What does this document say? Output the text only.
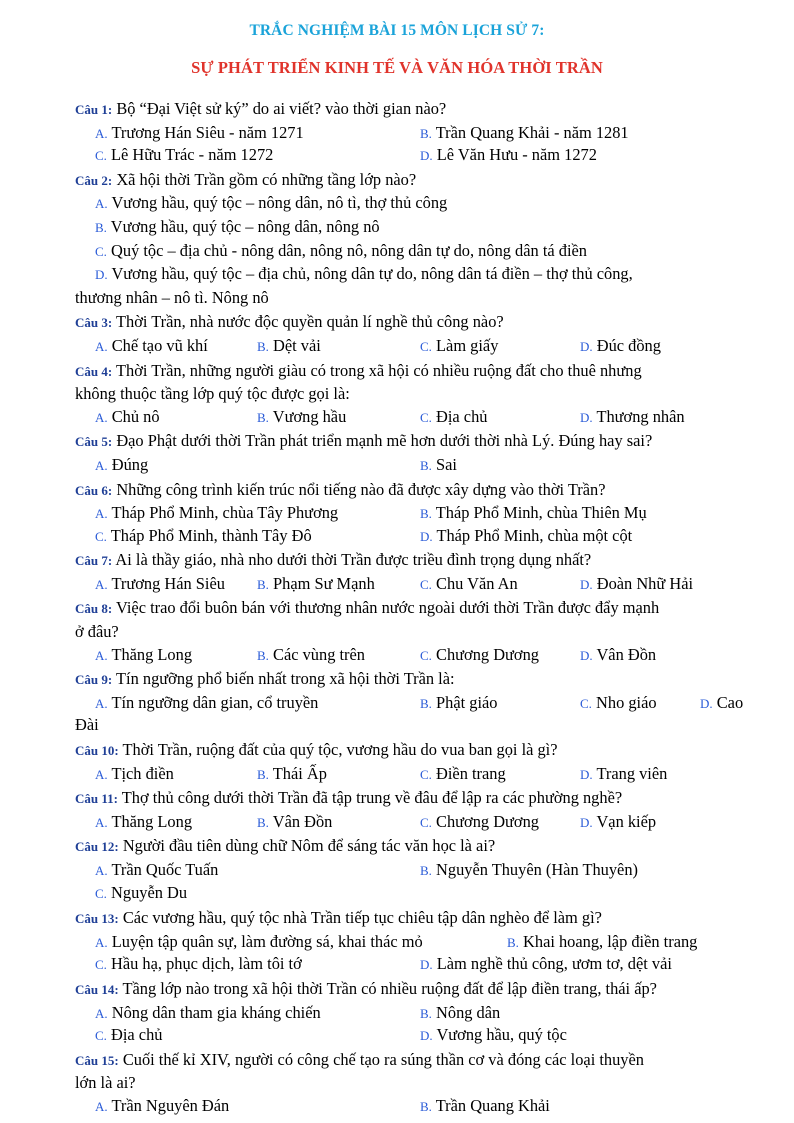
TRẮC NGHIỆM BÀI 15 MÔN LỊCH SỬ 7:
SỰ PHÁT TRIỂN KINH TẾ VÀ VĂN HÓA THỜI TRẦN
Câu 1: Bộ “Đại Việt sử ký” do ai viết? vào thời gian nào?
A. Trương Hán Siêu - năm 1271	B. Trần Quang Khải - năm 1281
C. Lê Hữu Trác - năm 1272	D. Lê Văn Hưu - năm 1272
Câu 2: Xã hội thời Trần gồm có những tầng lớp nào?
A. Vương hầu, quý tộc – nông dân, nô tì, thợ thủ công
B. Vương hầu, quý tộc – nông dân, nông nô
C. Quý tộc – địa chủ - nông dân, nông nô, nông dân tự do, nông dân tá điền
D. Vương hầu, quý tộc – địa chủ, nông dân tự do, nông dân tá điền – thợ thủ công,
thương nhân – nô tì. Nông nô
Câu 3: Thời Trần, nhà nước độc quyền quản lí nghề thủ công nào?
A. Chế tạo vũ khí	B. Dệt vải	C. Làm giấy	D. Đúc đồng
Câu 4: Thời Trần, những người giàu có trong xã hội có nhiều ruộng đất cho thuê nhưng
không thuộc tầng lớp quý tộc được gọi là:
A. Chủ nô	B. Vương hầu	C. Địa chủ	D. Thương nhân
Câu 5: Đạo Phật dưới thời Trần phát triển mạnh mẽ hơn dưới thời nhà Lý. Đúng hay sai?
A. Đúng	B. Sai
Câu 6: Những công trình kiến trúc nổi tiếng nào đã được xây dựng vào thời Trần?
A. Tháp Phổ Minh, chùa Tây Phương	B. Tháp Phổ Minh, chùa Thiên Mụ
C. Tháp Phổ Minh, thành Tây Đô	D. Tháp Phổ Minh, chùa một cột
Câu 7: Ai là thầy giáo, nhà nho dưới thời Trần được triều đình trọng dụng nhất?
A. Trương Hán Siêu B. Phạm Sư Mạnh	C. Chu Văn An	D. Đoàn Nhữ Hải
Câu 8: Việc trao đổi buôn bán với thương nhân nước ngoài dưới thời Trần được đẩy mạnh
ở đâu?
A. Thăng Long	B. Các vùng trên	C. Chương Dương	D. Vân Đồn
Câu 9: Tín ngưỡng phổ biến nhất trong xã hội thời Trần là:
A. Tín ngưỡng dân gian, cổ truyền	B. Phật giáo	C. Nho giáo	D. Cao
Đài
Câu 10: Thời Trần, ruộng đất của quý tộc, vương hầu do vua ban gọi là gì?
A. Tịch điền	B. Thái Ấp	C. Điền trang	D. Trang viên
Câu 11: Thợ thủ công dưới thời Trần đã tập trung về đâu để lập ra các phường nghề?
A. Thăng Long	B. Vân Đồn	C. Chương Dương	D. Vạn kiếp
Câu 12: Người đầu tiên dùng chữ Nôm để sáng tác văn học là ai?
A. Trần Quốc Tuấn	B. Nguyễn Thuyên (Hàn Thuyên)
C. Nguyễn Du
Câu 13: Các vương hầu, quý tộc nhà Trần tiếp tục chiêu tập dân nghèo để làm gì?
A. Luyện tập quân sự, làm đường sá, khai thác mỏ	B. Khai hoang, lập điền trang
C. Hầu hạ, phục dịch, làm tôi tớ	D. Làm nghề thủ công, ươm tơ, dệt vải
Câu 14: Tầng lớp nào trong xã hội thời Trần có nhiều ruộng đất để lập điền trang, thái ấp?
A. Nông dân tham gia kháng chiến	B. Nông dân
C. Địa chủ	D. Vương hầu, quý tộc
Câu 15: Cuối thế kỉ XIV, người có công chế tạo ra súng thần cơ và đóng các loại thuyền
lớn là ai?
A. Trần Nguyên Đán	B. Trần Quang Khải
